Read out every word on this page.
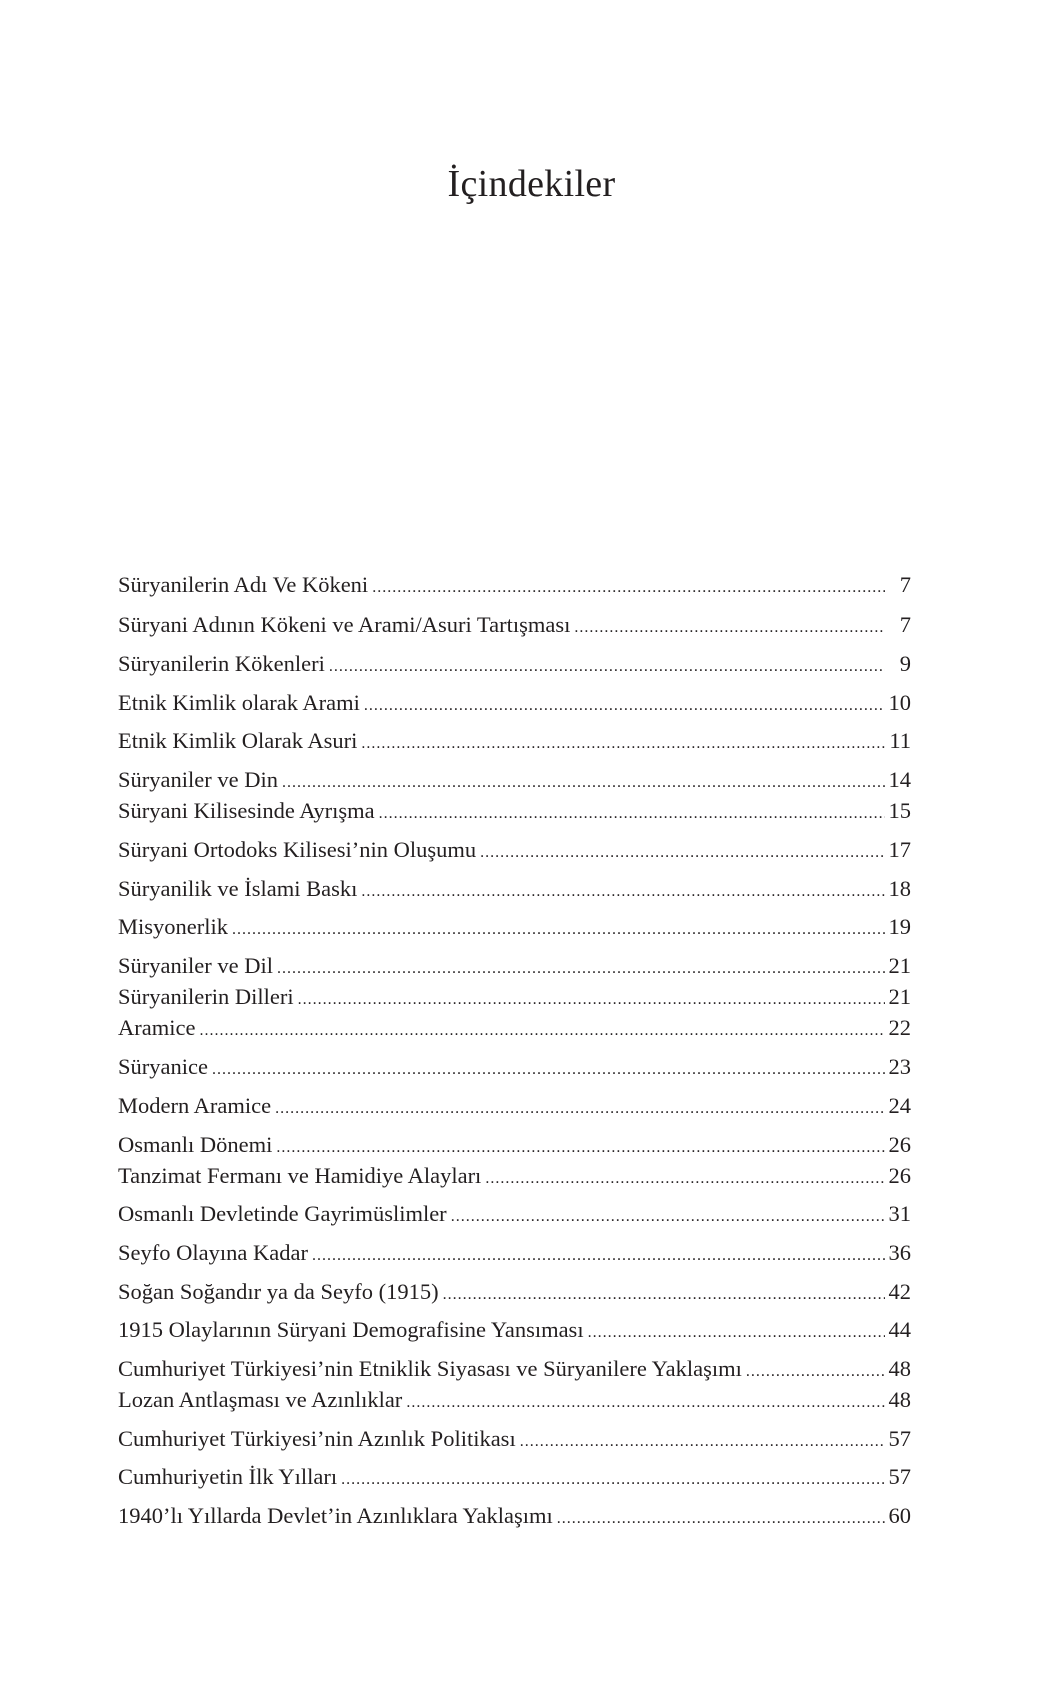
İçindekiler
Süryanilerin Adı Ve Kökeni .....	7
Süryani Adının Kökeni ve Arami/Asuri Tartışması .....	7
Süryanilerin Kökenleri .....	9
Etnik Kimlik olarak Arami .....	10
Etnik Kimlik Olarak Asuri .....	11
Süryaniler ve Din .....	14
Süryani Kilisesinde Ayrışma .....	15
Süryani Ortodoks Kilisesi’nin Oluşumu .....	17
Süryanilik ve İslami Baskı .....	18
Misyonerlik .....	19
Süryaniler ve Dil .....	21
Süryanilerin Dilleri .....	21
Aramice .....	22
Süryanice .....	23
Modern Aramice .....	24
Osmanlı Dönemi .....	26
Tanzimat Fermanı ve Hamidiye Alayları .....	26
Osmanlı Devletinde Gayrimüslimler .....	31
Seyfo Olayına Kadar .....	36
Soğan Soğandır ya da Seyfo (1915) .....	42
1915 Olaylarının Süryani Demografisine Yansıması .....	44
Cumhuriyet Türkiyesi’nin Etniklik Siyasası ve Süryanilere Yaklaşımı .....	48
Lozan Antlaşması ve Azınlıklar .....	48
Cumhuriyet Türkiyesi’nin Azınlık Politikası .....	57
Cumhuriyetin İlk Yılları .....	57
1940’lı Yıllarda Devlet’in Azınlıklara Yaklaşımı .....	60
